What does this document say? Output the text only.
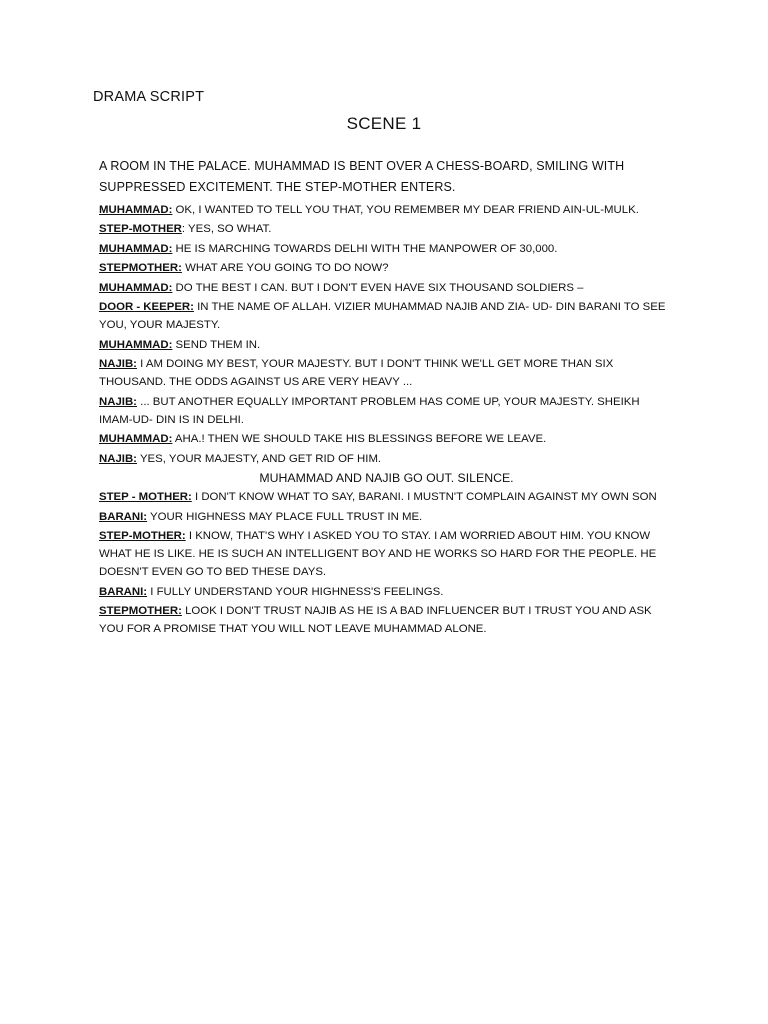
DRAMA SCRIPT
SCENE 1
A ROOM IN THE PALACE. MUHAMMAD IS BENT OVER A CHESS-BOARD, SMILING WITH SUPPRESSED EXCITEMENT. THE STEP-MOTHER ENTERS.
MUHAMMAD: OK, I WANTED TO TELL YOU THAT, YOU REMEMBER MY DEAR FRIEND AIN-UL-MULK.
STEP-MOTHER: YES, SO WHAT.
MUHAMMAD: HE IS MARCHING TOWARDS DELHI WITH THE MANPOWER OF 30,000.
STEPMOTHER: WHAT ARE YOU GOING TO DO NOW?
MUHAMMAD: DO THE BEST I CAN. BUT I DON'T EVEN HAVE SIX THOUSAND SOLDIERS –
DOOR - KEEPER: IN THE NAME OF ALLAH. VIZIER MUHAMMAD NAJIB AND ZIA- UD- DIN BARANI TO SEE YOU, YOUR MAJESTY.
MUHAMMAD: SEND THEM IN.
NAJIB: I AM DOING MY BEST, YOUR MAJESTY. BUT I DON'T THINK WE'LL GET MORE THAN SIX THOUSAND. THE ODDS AGAINST US ARE VERY HEAVY ...
NAJIB: ... BUT ANOTHER EQUALLY IMPORTANT PROBLEM HAS COME UP, YOUR MAJESTY. SHEIKH IMAM-UD- DIN IS IN DELHI.
MUHAMMAD: AHA.! THEN WE SHOULD TAKE HIS BLESSINGS BEFORE WE LEAVE.
NAJIB: YES, YOUR MAJESTY, AND GET RID OF HIM.
MUHAMMAD AND NAJIB GO OUT. SILENCE.
STEP - MOTHER: I DON'T KNOW WHAT TO SAY, BARANI. I MUSTN'T COMPLAIN AGAINST MY OWN SON
BARANI: YOUR HIGHNESS MAY PLACE FULL TRUST IN ME.
STEP-MOTHER: I KNOW, THAT'S WHY I ASKED YOU TO STAY. I AM WORRIED ABOUT HIM. YOU KNOW WHAT HE IS LIKE. HE IS SUCH AN INTELLIGENT BOY AND HE WORKS SO HARD FOR THE PEOPLE. HE DOESN'T EVEN GO TO BED THESE DAYS.
BARANI: I FULLY UNDERSTAND YOUR HIGHNESS'S FEELINGS.
STEPMOTHER: LOOK I DON'T TRUST NAJIB AS HE IS A BAD INFLUENCER BUT I TRUST YOU AND ASK YOU FOR A PROMISE THAT YOU WILL NOT LEAVE MUHAMMAD ALONE.
